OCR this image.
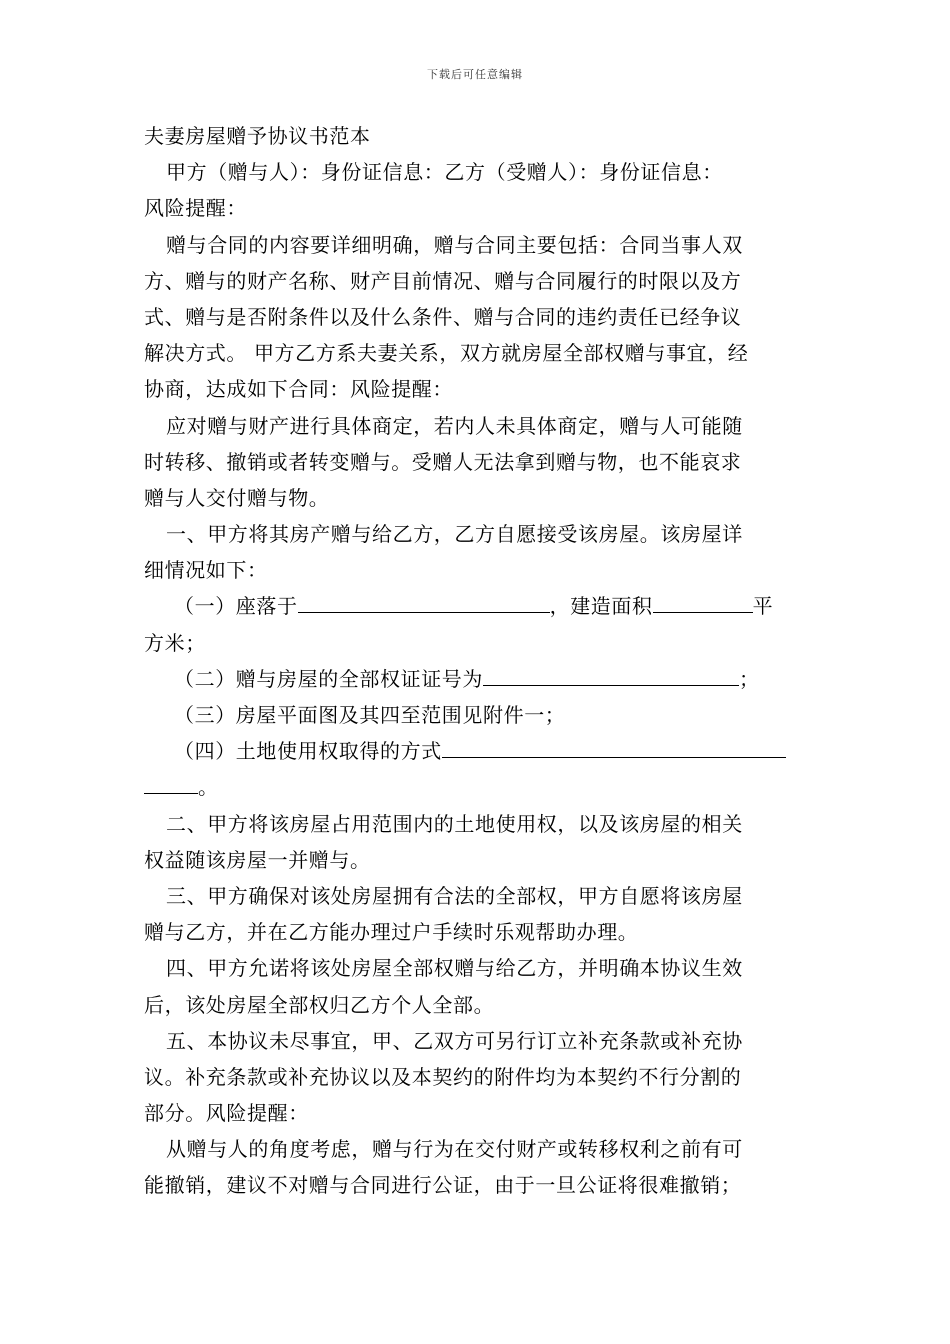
下载后可任意编辑
夫妻房屋赠予协议书范本
甲方（赠与人）：身份证信息：乙方（受赠人）：身份证信息：
风险提醒：
赠与合同的内容要详细明确，赠与合同主要包括：合同当事人双
方、赠与的财产名称、财产目前情况、赠与合同履行的时限以及方
式、赠与是否附条件以及什么条件、赠与合同的违约责任已经争议
解决方式。 甲方乙方系夫妻关系，双方就房屋全部权赠与事宜，经
协商，达成如下合同：风险提醒：
应对赠与财产进行具体商定，若内人未具体商定，赠与人可能随
时转移、撤销或者转变赠与。受赠人无法拿到赠与物，也不能哀求
赠与人交付赠与物。
一、甲方将其房产赠与给乙方，乙方自愿接受该房屋。该房屋详
细情况如下：
（一）座落于	，建造面积	平
方米；
（二）赠与房屋的全部权证证号为	；
（三）房屋平面图及其四至范围见附件一；
（四）土地使用权取得的方式
。
二、甲方将该房屋占用范围内的土地使用权，以及该房屋的相关
权益随该房屋一并赠与。
三、甲方确保对该处房屋拥有合法的全部权，甲方自愿将该房屋
赠与乙方，并在乙方能办理过户手续时乐观帮助办理。
四、甲方允诺将该处房屋全部权赠与给乙方，并明确本协议生效
后，该处房屋全部权归乙方个人全部。
五、本协议未尽事宜，甲、乙双方可另行订立补充条款或补充协
议。补充条款或补充协议以及本契约的附件均为本契约不行分割的
部分。风险提醒：
从赠与人的角度考虑，赠与行为在交付财产或转移权利之前有可
能撤销，建议不对赠与合同进行公证，由于一旦公证将很难撤销；
